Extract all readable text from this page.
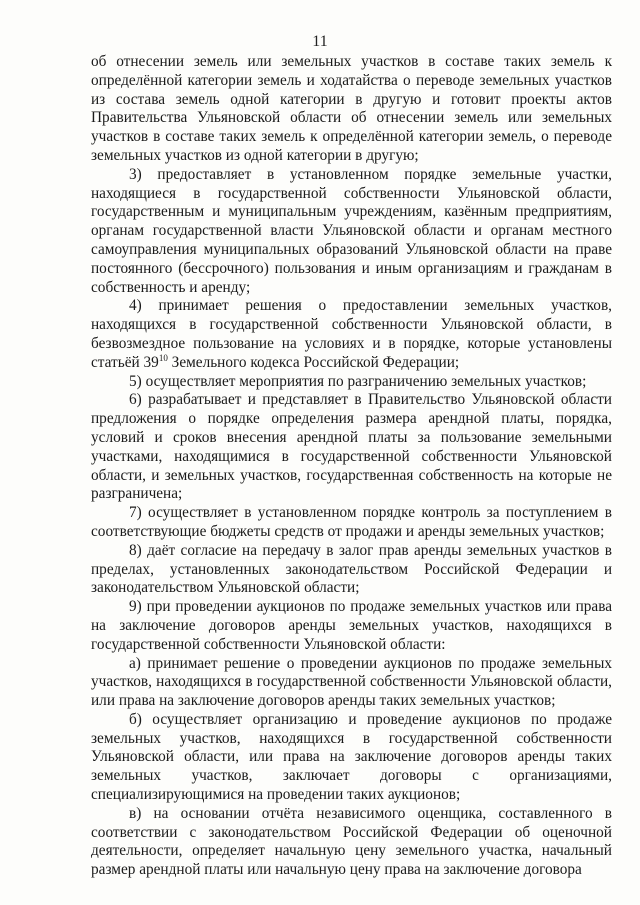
11

об отнесении земель или земельных участков в составе таких земель к определённой категории земель и ходатайства о переводе земельных участков из состава земель одной категории в другую и готовит проекты актов Правительства Ульяновской области об отнесении земель или земельных участков в составе таких земель к определённой категории земель, о переводе земельных участков из одной категории в другую;

3) предоставляет в установленном порядке земельные участки, находящиеся в государственной собственности Ульяновской области, государственным и муниципальным учреждениям, казённым предприятиям, органам государственной власти Ульяновской области и органам местного самоуправления муниципальных образований Ульяновской области на праве постоянного (бессрочного) пользования и иным организациям и гражданам в собственность и аренду;

4) принимает решения о предоставлении земельных участков, находящихся в государственной собственности Ульяновской области, в безвозмездное пользование на условиях и в порядке, которые установлены статьёй $39^{10}$ Земельного кодекса Российской Федерации;

5) осуществляет мероприятия по разграничению земельных участков;

6) разрабатывает и представляет в Правительство Ульяновской области предложения о порядке определения размера арендной платы, порядка, условий и сроков внесения арендной платы за пользование земельными участками, находящимися в государственной собственности Ульяновской области, и земельных участков, государственная собственность на которые не разграничена;

7) осуществляет в установленном порядке контроль за поступлением в соответствующие бюджеты средств от продажи и аренды земельных участков;

8) даёт согласие на передачу в залог прав аренды земельных участков в пределах, установленных законодательством Российской Федерации и законодательством Ульяновской области;

9) при проведении аукционов по продаже земельных участков или права на заключение договоров аренды земельных участков, находящихся в государственной собственности Ульяновской области:

а) принимает решение о проведении аукционов по продаже земельных участков, находящихся в государственной собственности Ульяновской области, или права на заключение договоров аренды таких земельных участков;

б) осуществляет организацию и проведение аукционов по продаже земельных участков, находящихся в государственной собственности Ульяновской области, или права на заключение договоров аренды таких земельных участков, заключает договоры с организациями, специализирующимися на проведении таких аукционов;

в) на основании отчёта независимого оценщика, составленного в соответствии с законодательством Российской Федерации об оценочной деятельности, определяет начальную цену земельного участка, начальный размер арендной платы или начальную цену права на заключение договора
